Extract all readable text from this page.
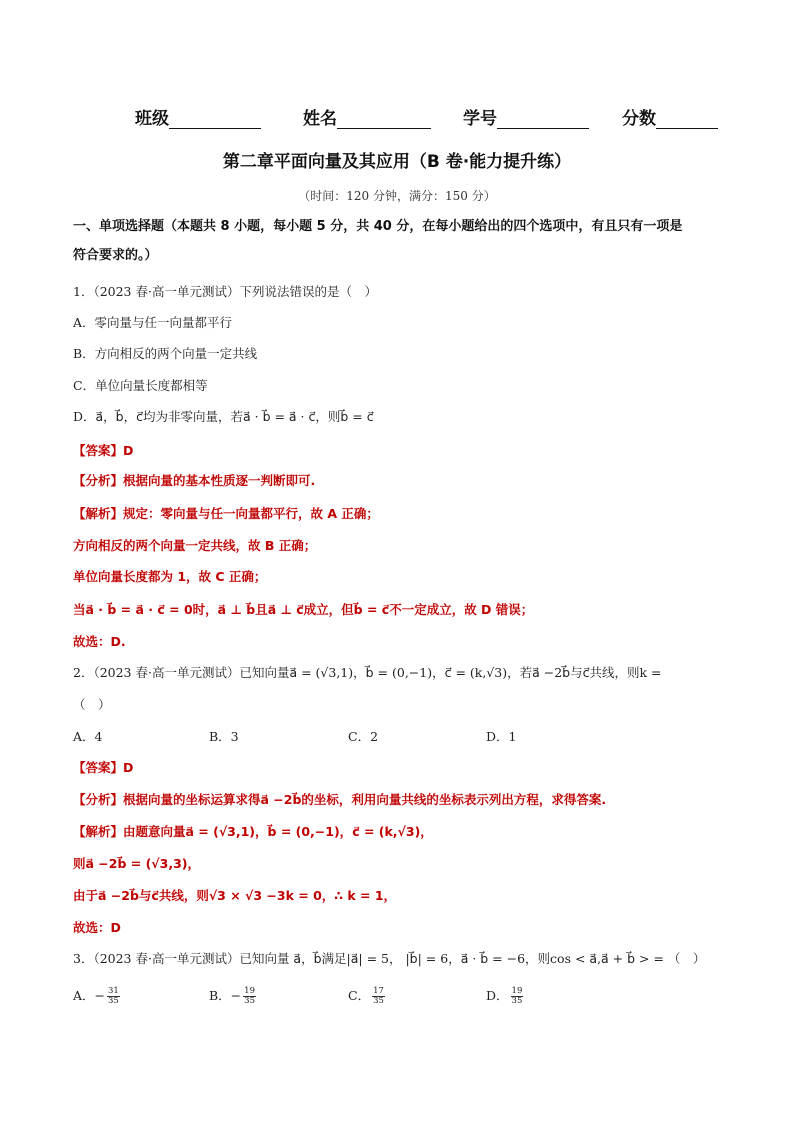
班级	姓名	学号	分数
第二章平面向量及其应用（B 卷·能力提升练）
（时间：120 分钟，满分：150 分）
一、单项选择题（本题共 8 小题，每小题 5 分，共 40 分，在每小题给出的四个选项中，有且只有一项是
符合要求的。）
1．（2023 春·高一单元测试）下列说法错误的是（　）
A．零向量与任一向量都平行
B．方向相反的两个向量一定共线
C．单位向量长度都相等
D．a⃗，b⃗，c⃗均为非零向量，若a⃗ · b⃗ = a⃗ · c⃗，则b⃗ = c⃗
【答案】D
【分析】根据向量的基本性质逐一判断即可.
【解析】规定：零向量与任一向量都平行，故 A 正确；
方向相反的两个向量一定共线，故 B 正确；
单位向量长度都为 1，故 C 正确；
当a⃗ · b⃗ = a⃗ · c⃗ = 0时，a⃗ ⊥ b⃗且a⃗ ⊥ c⃗成立，但b⃗ = c⃗不一定成立，故 D 错误；
故选：D.
2．（2023 春·高一单元测试）已知向量a⃗ = (√3,1)，b⃗ = (0,−1)，c⃗ = (k,√3)，若a⃗ −2b⃗与c⃗共线，则k =
（　）
A．4	B．3	C．2	D．1
【答案】D
【分析】根据向量的坐标运算求得a⃗ −2b⃗的坐标，利用向量共线的坐标表示列出方程，求得答案.
【解析】由题意向量a⃗ = (√3,1)，b⃗ = (0,−1)，c⃗ = (k,√3)，
则a⃗ −2b⃗ = (√3,3)，
由于a⃗ −2b⃗与c⃗共线，则√3 × √3 −3k = 0，∴ k = 1，
故选：D
3．（2023 春·高一单元测试）已知向量 a⃗，b⃗满足|a⃗| = 5， |b⃗| = 6，a⃗ · b⃗ = −6，则cos < a⃗,a⃗ + b⃗ > = （　）
A．− $\frac{31}{35}$	B．− $\frac{19}{35}$	C． $\frac{17}{35}$	D． $\frac{19}{35}$
